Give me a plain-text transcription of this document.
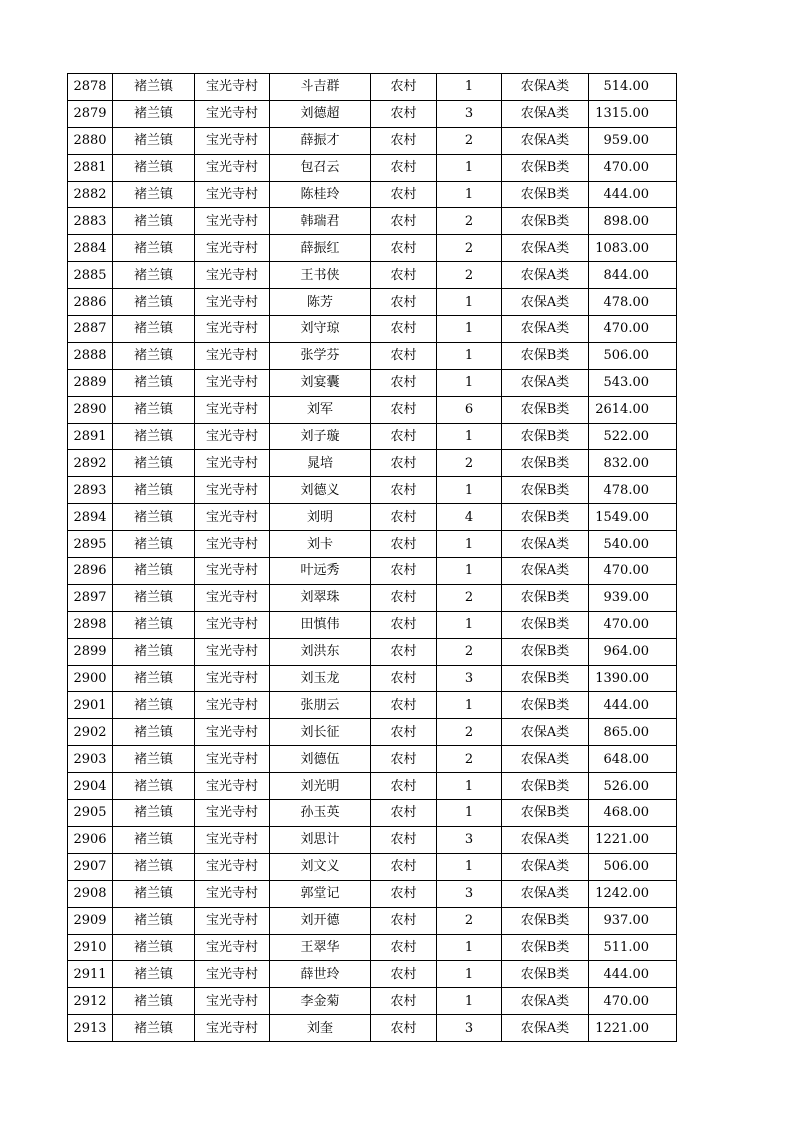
2878	褚兰镇	宝光寺村	斗吉群	农村	1	农保A类	514.00
2879	褚兰镇	宝光寺村	刘德超	农村	3	农保A类	1315.00
2880	褚兰镇	宝光寺村	薛振才	农村	2	农保A类	959.00
2881	褚兰镇	宝光寺村	包召云	农村	1	农保B类	470.00
2882	褚兰镇	宝光寺村	陈桂玲	农村	1	农保B类	444.00
2883	褚兰镇	宝光寺村	韩瑞君	农村	2	农保B类	898.00
2884	褚兰镇	宝光寺村	薛振红	农村	2	农保A类	1083.00
2885	褚兰镇	宝光寺村	王书侠	农村	2	农保A类	844.00
2886	褚兰镇	宝光寺村	陈芳	农村	1	农保A类	478.00
2887	褚兰镇	宝光寺村	刘守琼	农村	1	农保A类	470.00
2888	褚兰镇	宝光寺村	张学芬	农村	1	农保B类	506.00
2889	褚兰镇	宝光寺村	刘宴囊	农村	1	农保A类	543.00
2890	褚兰镇	宝光寺村	刘军	农村	6	农保B类	2614.00
2891	褚兰镇	宝光寺村	刘子璇	农村	1	农保B类	522.00
2892	褚兰镇	宝光寺村	晁培	农村	2	农保B类	832.00
2893	褚兰镇	宝光寺村	刘德义	农村	1	农保B类	478.00
2894	褚兰镇	宝光寺村	刘明	农村	4	农保B类	1549.00
2895	褚兰镇	宝光寺村	刘卡	农村	1	农保A类	540.00
2896	褚兰镇	宝光寺村	叶远秀	农村	1	农保A类	470.00
2897	褚兰镇	宝光寺村	刘翠珠	农村	2	农保B类	939.00
2898	褚兰镇	宝光寺村	田慎伟	农村	1	农保B类	470.00
2899	褚兰镇	宝光寺村	刘洪东	农村	2	农保B类	964.00
2900	褚兰镇	宝光寺村	刘玉龙	农村	3	农保B类	1390.00
2901	褚兰镇	宝光寺村	张朋云	农村	1	农保B类	444.00
2902	褚兰镇	宝光寺村	刘长征	农村	2	农保A类	865.00
2903	褚兰镇	宝光寺村	刘德伍	农村	2	农保A类	648.00
2904	褚兰镇	宝光寺村	刘光明	农村	1	农保B类	526.00
2905	褚兰镇	宝光寺村	孙玉英	农村	1	农保B类	468.00
2906	褚兰镇	宝光寺村	刘思计	农村	3	农保A类	1221.00
2907	褚兰镇	宝光寺村	刘文义	农村	1	农保A类	506.00
2908	褚兰镇	宝光寺村	郭堂记	农村	3	农保A类	1242.00
2909	褚兰镇	宝光寺村	刘开德	农村	2	农保B类	937.00
2910	褚兰镇	宝光寺村	王翠华	农村	1	农保B类	511.00
2911	褚兰镇	宝光寺村	薛世玲	农村	1	农保B类	444.00
2912	褚兰镇	宝光寺村	李金菊	农村	1	农保A类	470.00
2913	褚兰镇	宝光寺村	刘奎	农村	3	农保A类	1221.00
